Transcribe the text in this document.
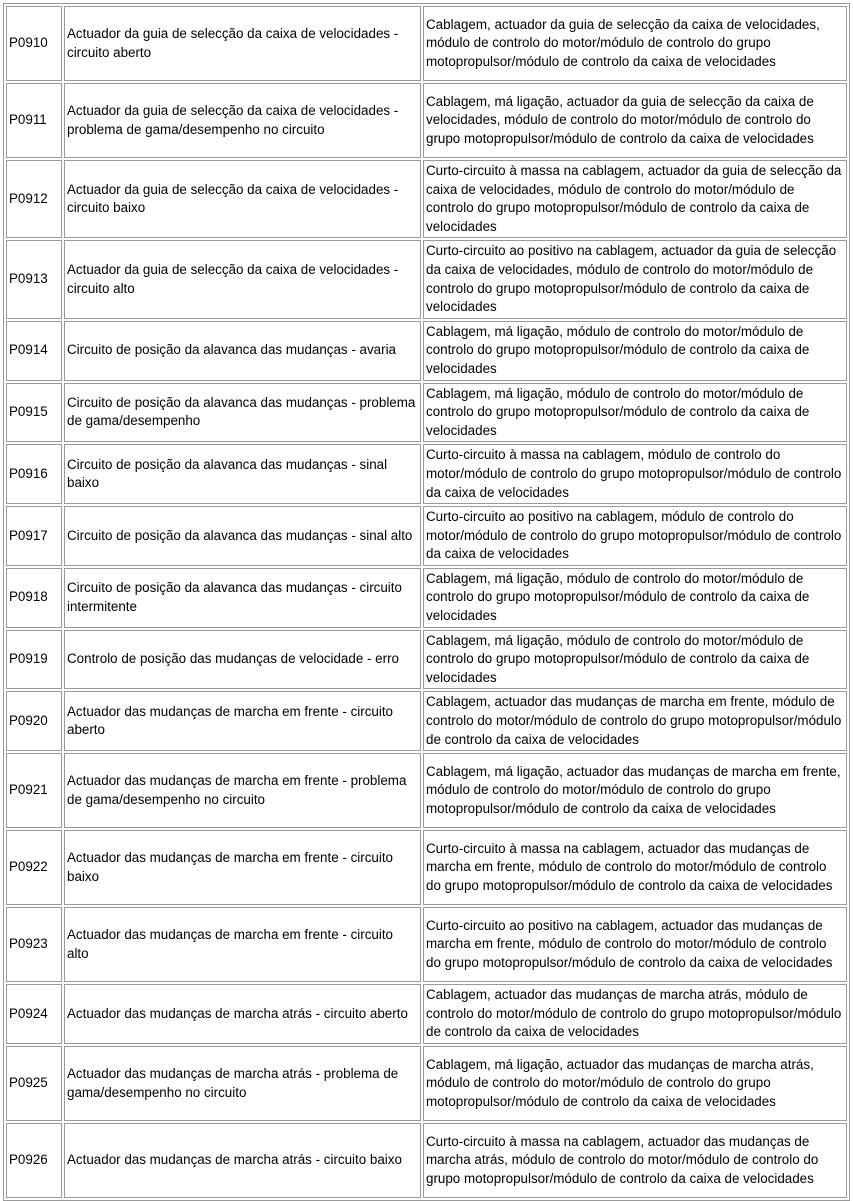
P0910	Actuador da guia de selecção da caixa de velocidades - circuito aberto	Cablagem, actuador da guia de selecção da caixa de velocidades, módulo de controlo do motor/módulo de controlo do grupo motopropulsor/módulo de controlo da caixa de velocidades
P0911	Actuador da guia de selecção da caixa de velocidades - problema de gama/desempenho no circuito	Cablagem, má ligação, actuador da guia de selecção da caixa de velocidades, módulo de controlo do motor/módulo de controlo do grupo motopropulsor/módulo de controlo da caixa de velocidades
P0912	Actuador da guia de selecção da caixa de velocidades - circuito baixo	Curto-circuito à massa na cablagem, actuador da guia de selecção da caixa de velocidades, módulo de controlo do motor/módulo de controlo do grupo motopropulsor/módulo de controlo da caixa de velocidades
P0913	Actuador da guia de selecção da caixa de velocidades - circuito alto	Curto-circuito ao positivo na cablagem, actuador da guia de selecção da caixa de velocidades, módulo de controlo do motor/módulo de controlo do grupo motopropulsor/módulo de controlo da caixa de velocidades
P0914	Circuito de posição da alavanca das mudanças - avaria	Cablagem, má ligação, módulo de controlo do motor/módulo de controlo do grupo motopropulsor/módulo de controlo da caixa de velocidades
P0915	Circuito de posição da alavanca das mudanças - problema de gama/desempenho	Cablagem, má ligação, módulo de controlo do motor/módulo de controlo do grupo motopropulsor/módulo de controlo da caixa de velocidades
P0916	Circuito de posição da alavanca das mudanças - sinal baixo	Curto-circuito à massa na cablagem, módulo de controlo do motor/módulo de controlo do grupo motopropulsor/módulo de controlo da caixa de velocidades
P0917	Circuito de posição da alavanca das mudanças - sinal alto	Curto-circuito ao positivo na cablagem, módulo de controlo do motor/módulo de controlo do grupo motopropulsor/módulo de controlo da caixa de velocidades
P0918	Circuito de posição da alavanca das mudanças - circuito intermitente	Cablagem, má ligação, módulo de controlo do motor/módulo de controlo do grupo motopropulsor/módulo de controlo da caixa de velocidades
P0919	Controlo de posição das mudanças de velocidade - erro	Cablagem, má ligação, módulo de controlo do motor/módulo de controlo do grupo motopropulsor/módulo de controlo da caixa de velocidades
P0920	Actuador das mudanças de marcha em frente - circuito aberto	Cablagem, actuador das mudanças de marcha em frente, módulo de controlo do motor/módulo de controlo do grupo motopropulsor/módulo de controlo da caixa de velocidades
P0921	Actuador das mudanças de marcha em frente - problema de gama/desempenho no circuito	Cablagem, má ligação, actuador das mudanças de marcha em frente, módulo de controlo do motor/módulo de controlo do grupo motopropulsor/módulo de controlo da caixa de velocidades
P0922	Actuador das mudanças de marcha em frente - circuito baixo	Curto-circuito à massa na cablagem, actuador das mudanças de marcha em frente, módulo de controlo do motor/módulo de controlo do grupo motopropulsor/módulo de controlo da caixa de velocidades
P0923	Actuador das mudanças de marcha em frente - circuito alto	Curto-circuito ao positivo na cablagem, actuador das mudanças de marcha em frente, módulo de controlo do motor/módulo de controlo do grupo motopropulsor/módulo de controlo da caixa de velocidades
P0924	Actuador das mudanças de marcha atrás - circuito aberto	Cablagem, actuador das mudanças de marcha atrás, módulo de controlo do motor/módulo de controlo do grupo motopropulsor/módulo de controlo da caixa de velocidades
P0925	Actuador das mudanças de marcha atrás - problema de gama/desempenho no circuito	Cablagem, má ligação, actuador das mudanças de marcha atrás, módulo de controlo do motor/módulo de controlo do grupo motopropulsor/módulo de controlo da caixa de velocidades
P0926	Actuador das mudanças de marcha atrás - circuito baixo	Curto-circuito à massa na cablagem, actuador das mudanças de marcha atrás, módulo de controlo do motor/módulo de controlo do grupo motopropulsor/módulo de controlo da caixa de velocidades
